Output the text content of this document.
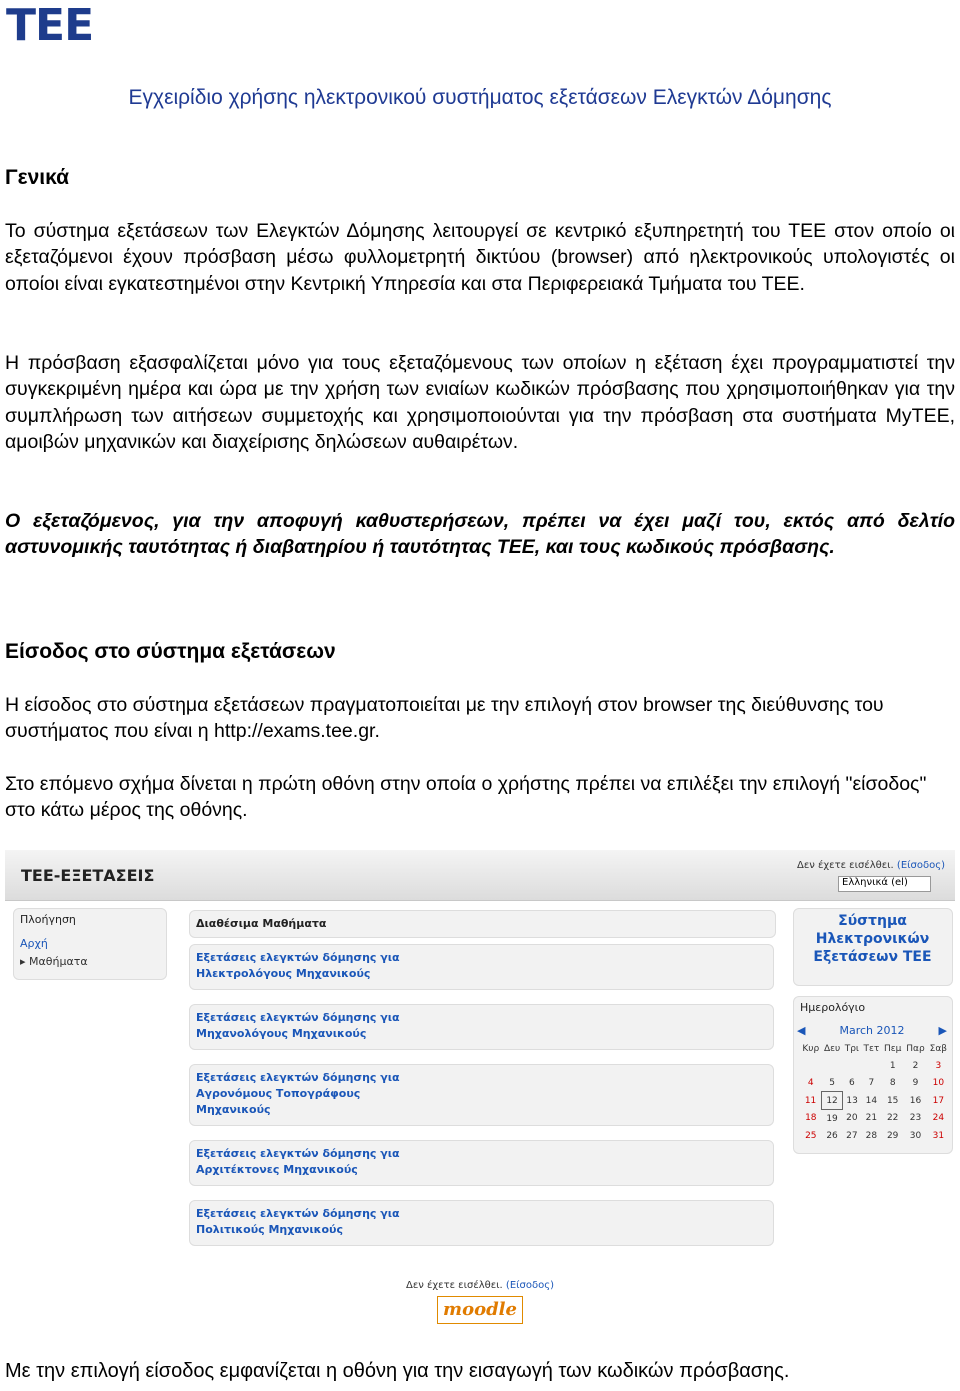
TEE
Εγχειρίδιο χρήσης ηλεκτρονικού συστήματος εξετάσεων Ελεγκτών Δόμησης
Γενικά
Το σύστημα εξετάσεων των Ελεγκτών Δόμησης λειτουργεί σε κεντρικό εξυπηρετητή του ΤΕΕ στον οποίο οι εξεταζόμενοι έχουν πρόσβαση μέσω φυλλομετρητή δικτύου (browser) από ηλεκτρονικούς υπολογιστές οι οποίοι είναι εγκατεστημένοι στην Κεντρική Υπηρεσία και στα Περιφερειακά Τμήματα του ΤΕΕ.
Η πρόσβαση εξασφαλίζεται μόνο για τους εξεταζόμενους των οποίων η εξέταση έχει προγραμματιστεί την συγκεκριμένη ημέρα και ώρα με την χρήση των ενιαίων κωδικών πρόσβασης που χρησιμοποιήθηκαν για την συμπλήρωση των αιτήσεων συμμετοχής και χρησιμοποιούνται για την πρόσβαση στα συστήματα MyTEE, αμοιβών μηχανικών και διαχείρισης δηλώσεων αυθαιρέτων.
Ο εξεταζόμενος, για την αποφυγή καθυστερήσεων, πρέπει να έχει μαζί του, εκτός από δελτίο αστυνομικής ταυτότητας ή διαβατηρίου ή ταυτότητας ΤΕΕ, και τους κωδικούς πρόσβασης.
Είσοδος στο σύστημα εξετάσεων
Η είσοδος στο σύστημα εξετάσεων πραγματοποιείται με την επιλογή στον browser της διεύθυνσης του συστήματος που είναι η http://exams.tee.gr.
Στο επόμενο σχήμα δίνεται η πρώτη οθόνη στην οποία ο χρήστης πρέπει να επιλέξει την επιλογή "είσοδος" στο κάτω μέρος της οθόνης.
ΤΕΕ-ΕΞΕΤΑΣΕΙΣ
Δεν έχετε εισέλθει. (Είσοδος)
Ελληνικά (el)
Πλοήγηση
Αρχή
▸ Μαθήματα
Διαθέσιμα Μαθήματα
Εξετάσεις ελεγκτών δόμησης για
Ηλεκτρολόγους Μηχανικούς
Εξετάσεις ελεγκτών δόμησης για
Μηχανολόγους Μηχανικούς
Εξετάσεις ελεγκτών δόμησης για
Αγρονόμους Τοπογράφους
Μηχανικούς
Εξετάσεις ελεγκτών δόμησης για
Αρχιτέκτονες Μηχανικούς
Εξετάσεις ελεγκτών δόμησης για
Πολιτικούς Μηχανικούς
Σύστημα
Ηλεκτρονικών
Εξετάσεων ΤΕΕ
Ημερολόγιο
◀	March 2012	▶
Κυρ	Δευ	Τρι	Τετ	Πεμ	Παρ	Σαβ
				1	2	3
4	5	6	7	8	9	10
11	12	13	14	15	16	17
18	19	20	21	22	23	24
25	26	27	28	29	30	31
Δεν έχετε εισέλθει. (Είσοδος)
moodle
Με την επιλογή είσοδος εμφανίζεται η οθόνη για την εισαγωγή των κωδικών πρόσβασης.
